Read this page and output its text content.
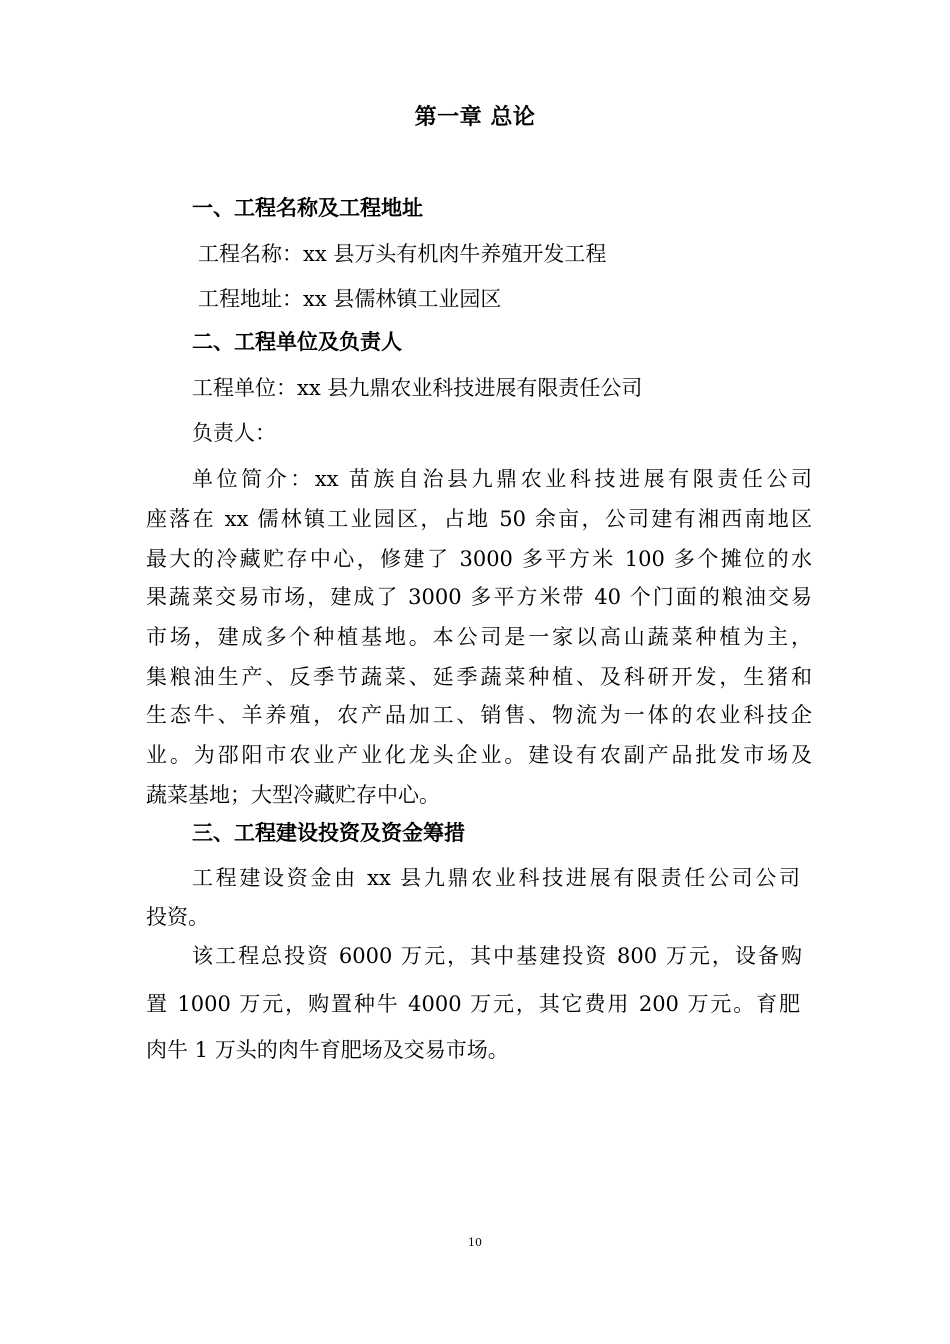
第一章 总论
一、工程名称及工程地址
工程名称：xx 县万头有机肉牛养殖开发工程
工程地址：xx 县儒林镇工业园区
二、工程单位及负责人
工程单位：xx 县九鼎农业科技进展有限责任公司
负责人：
单位简介：xx 苗族自治县九鼎农业科技进展有限责任公司
座落在 xx 儒林镇工业园区，占地 50 余亩，公司建有湘西南地区
最大的冷藏贮存中心，修建了 3000 多平方米 100 多个摊位的水
果蔬菜交易市场，建成了 3000 多平方米带 40 个门面的粮油交易
市场，建成多个种植基地。本公司是一家以高山蔬菜种植为主，
集粮油生产、反季节蔬菜、延季蔬菜种植、及科研开发，生猪和
生态牛、羊养殖，农产品加工、销售、物流为一体的农业科技企
业。为邵阳市农业产业化龙头企业。建设有农副产品批发市场及
蔬菜基地；大型冷藏贮存中心。
三、工程建设投资及资金筹措
工程建设资金由 xx 县九鼎农业科技进展有限责任公司公司
投资。
该工程总投资 6000 万元，其中基建投资 800 万元，设备购
置 1000 万元，购置种牛 4000 万元，其它费用 200 万元。育肥
肉牛 1 万头的肉牛育肥场及交易市场。
10
